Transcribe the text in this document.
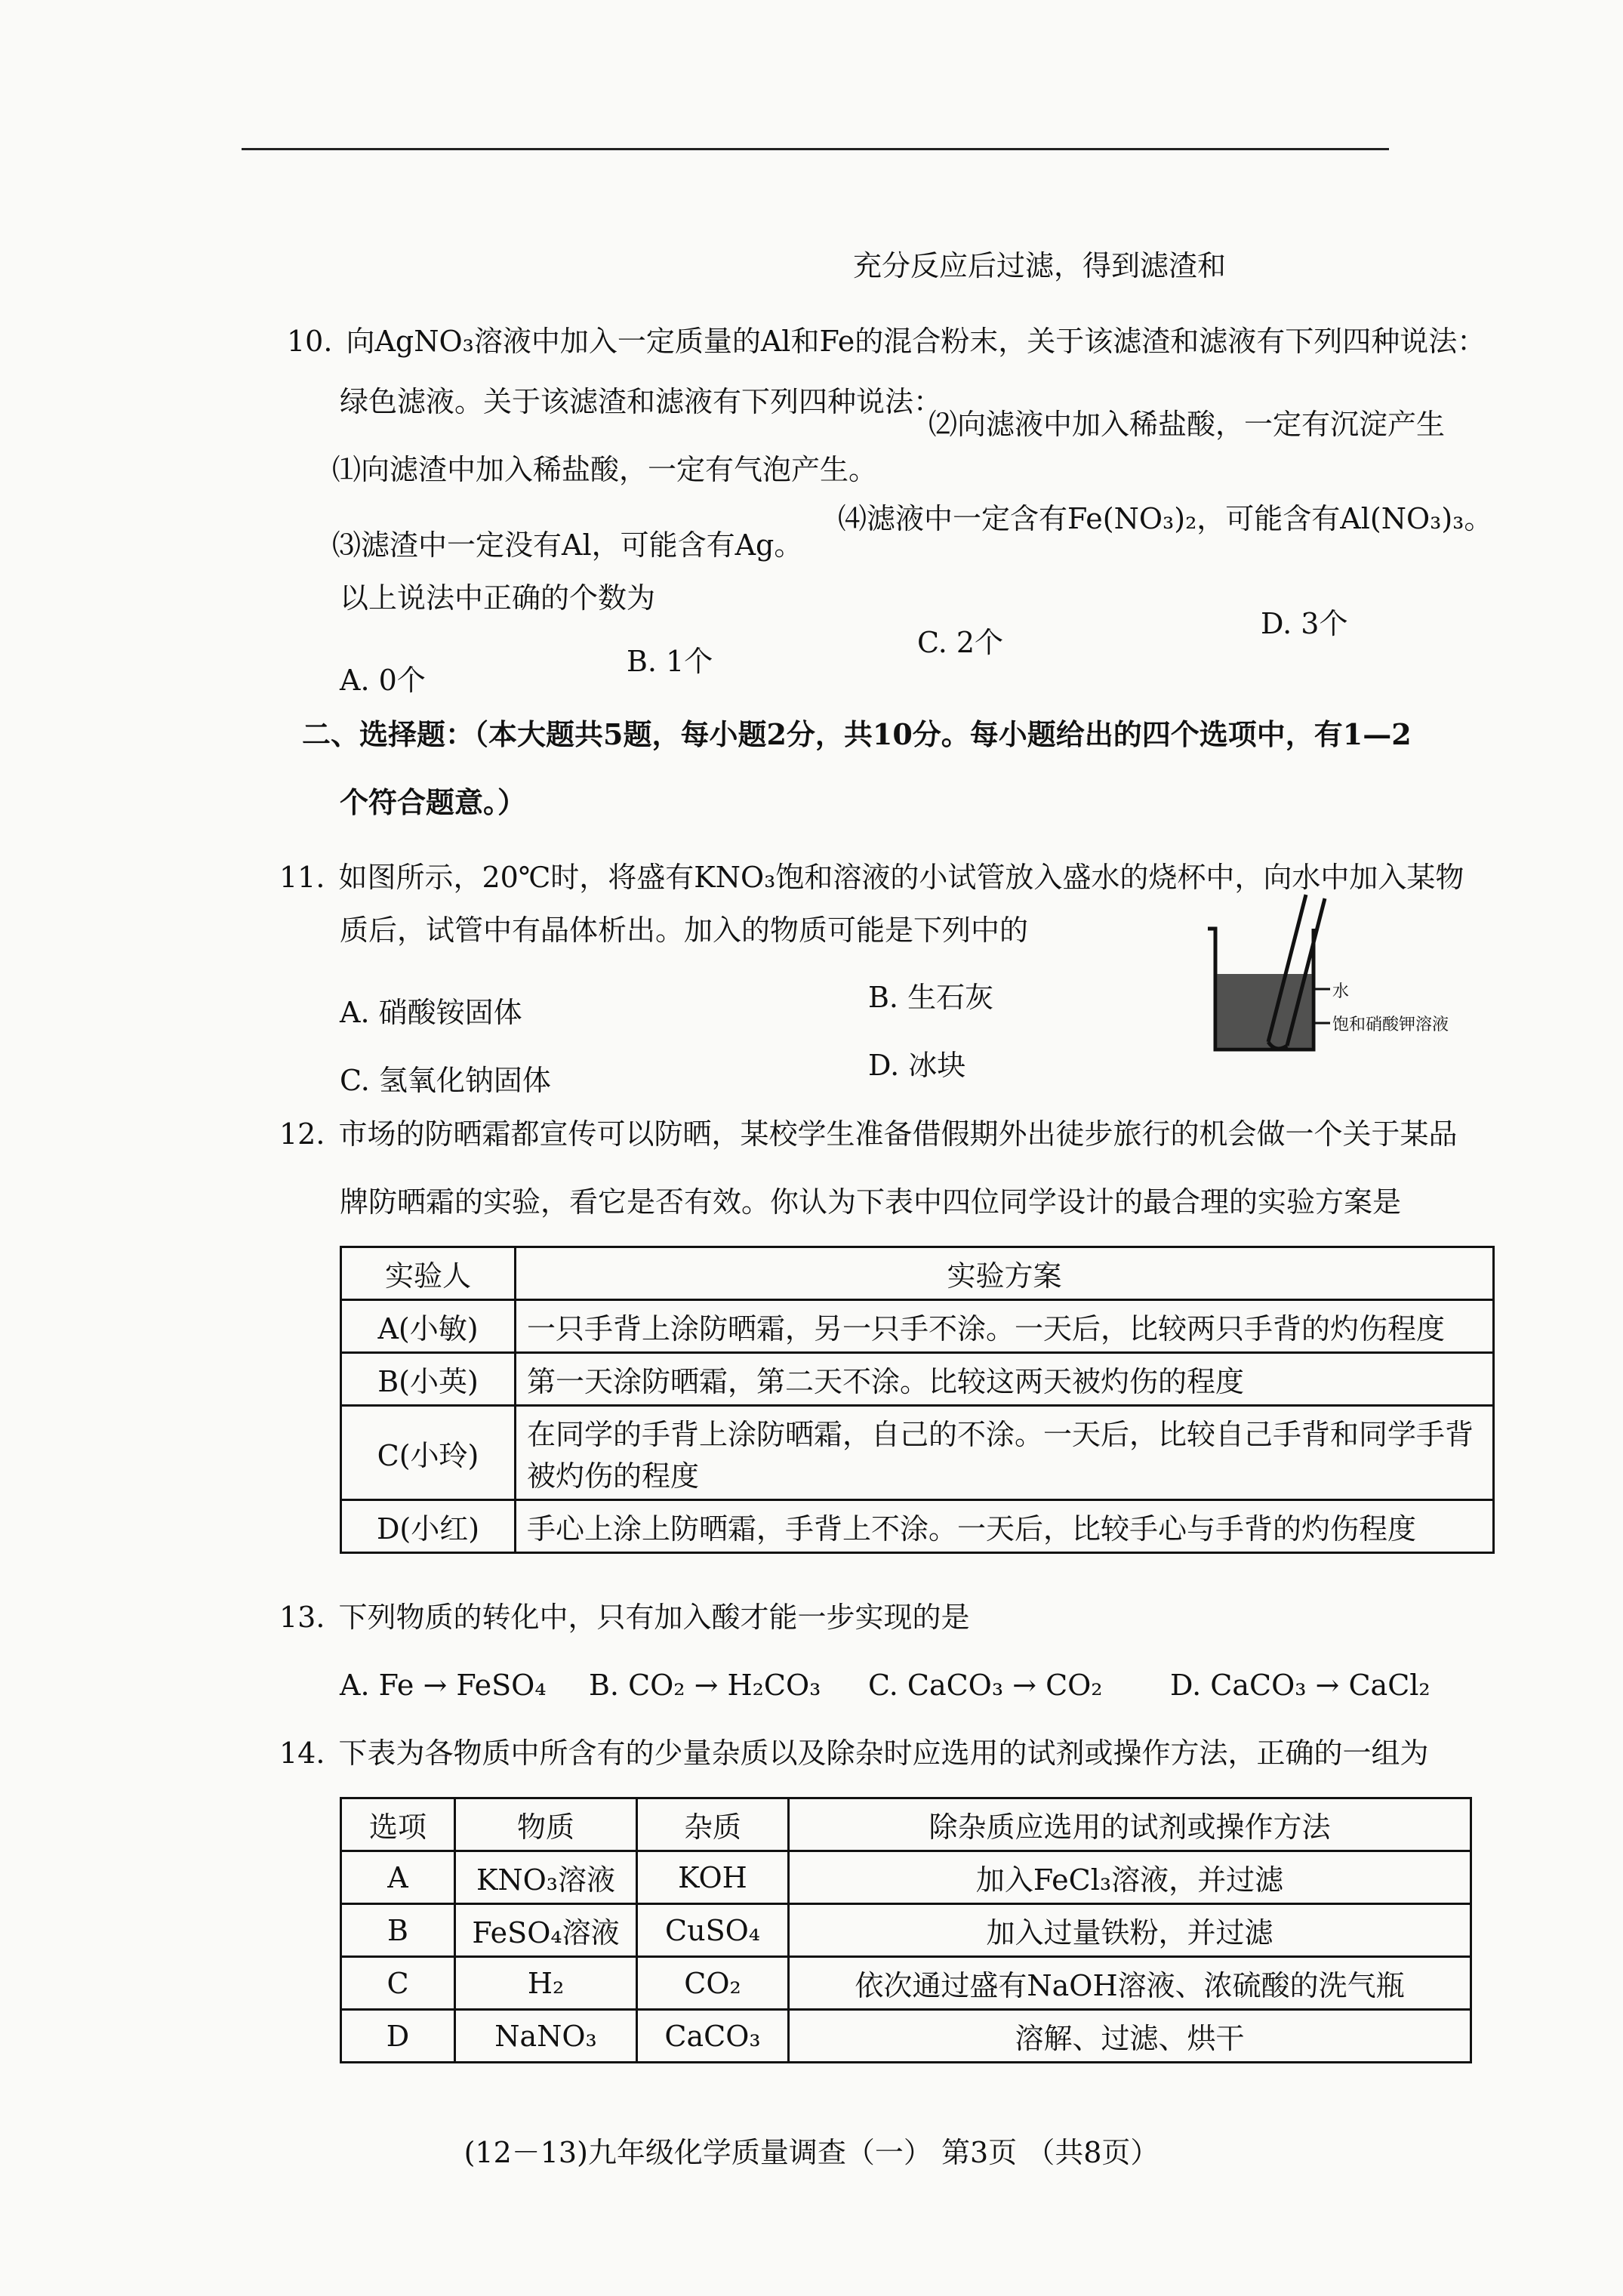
充分反应后过滤，得到滤渣和
10. 向AgNO₃溶液中加入一定质量的Al和Fe的混合粉末，关于该滤渣和滤液有下列四种说法：
绿色滤液。关于该滤渣和滤液有下列四种说法：
⑴向滤渣中加入稀盐酸，一定有气泡产生。
⑵向滤液中加入稀盐酸，一定有沉淀产生
⑶滤渣中一定没有Al，可能含有Ag。
⑷滤液中一定含有Fe(NO₃)₂，可能含有Al(NO₃)₃。
以上说法中正确的个数为
A. 0个
B. 1个
C. 2个
D. 3个
二、选择题：（本大题共5题，每小题2分，共10分。每小题给出的四个选项中，有1—2
个符合题意。）
11. 如图所示，20℃时，将盛有KNO₃饱和溶液的小试管放入盛水的烧杯中，向水中加入某物
质后，试管中有晶体析出。加入的物质可能是下列中的
A. 硝酸铵固体	B. 生石灰
C. 氢氧化钠固体	D. 冰块
水
饱和硝酸钾溶液
12. 市场的防晒霜都宣传可以防晒，某校学生准备借假期外出徒步旅行的机会做一个关于某品
牌防晒霜的实验，看它是否有效。你认为下表中四位同学设计的最合理的实验方案是
实验人	实验方案
A(小敏)	一只手背上涂防晒霜，另一只手不涂。一天后，比较两只手背的灼伤程度
B(小英)	第一天涂防晒霜，第二天不涂。比较这两天被灼伤的程度
C(小玲)	在同学的手背上涂防晒霜，自己的不涂。一天后，比较自己手背和同学手背被灼伤的程度
D(小红)	手心上涂上防晒霜，手背上不涂。一天后，比较手心与手背的灼伤程度
13. 下列物质的转化中，只有加入酸才能一步实现的是
A. Fe → FeSO₄ B. CO₂ → H₂CO₃ C. CaCO₃ → CO₂ D. CaCO₃ → CaCl₂
14. 下表为各物质中所含有的少量杂质以及除杂时应选用的试剂或操作方法，正确的一组为
选项	物质	杂质	除杂质应选用的试剂或操作方法
A	KNO₃溶液	KOH	加入FeCl₃溶液，并过滤
B	FeSO₄溶液	CuSO₄	加入过量铁粉，并过滤
C	H₂	CO₂	依次通过盛有NaOH溶液、浓硫酸的洗气瓶
D	NaNO₃	CaCO₃	溶解、过滤、烘干
(12－13)九年级化学质量调查（一） 第3页 （共8页）
